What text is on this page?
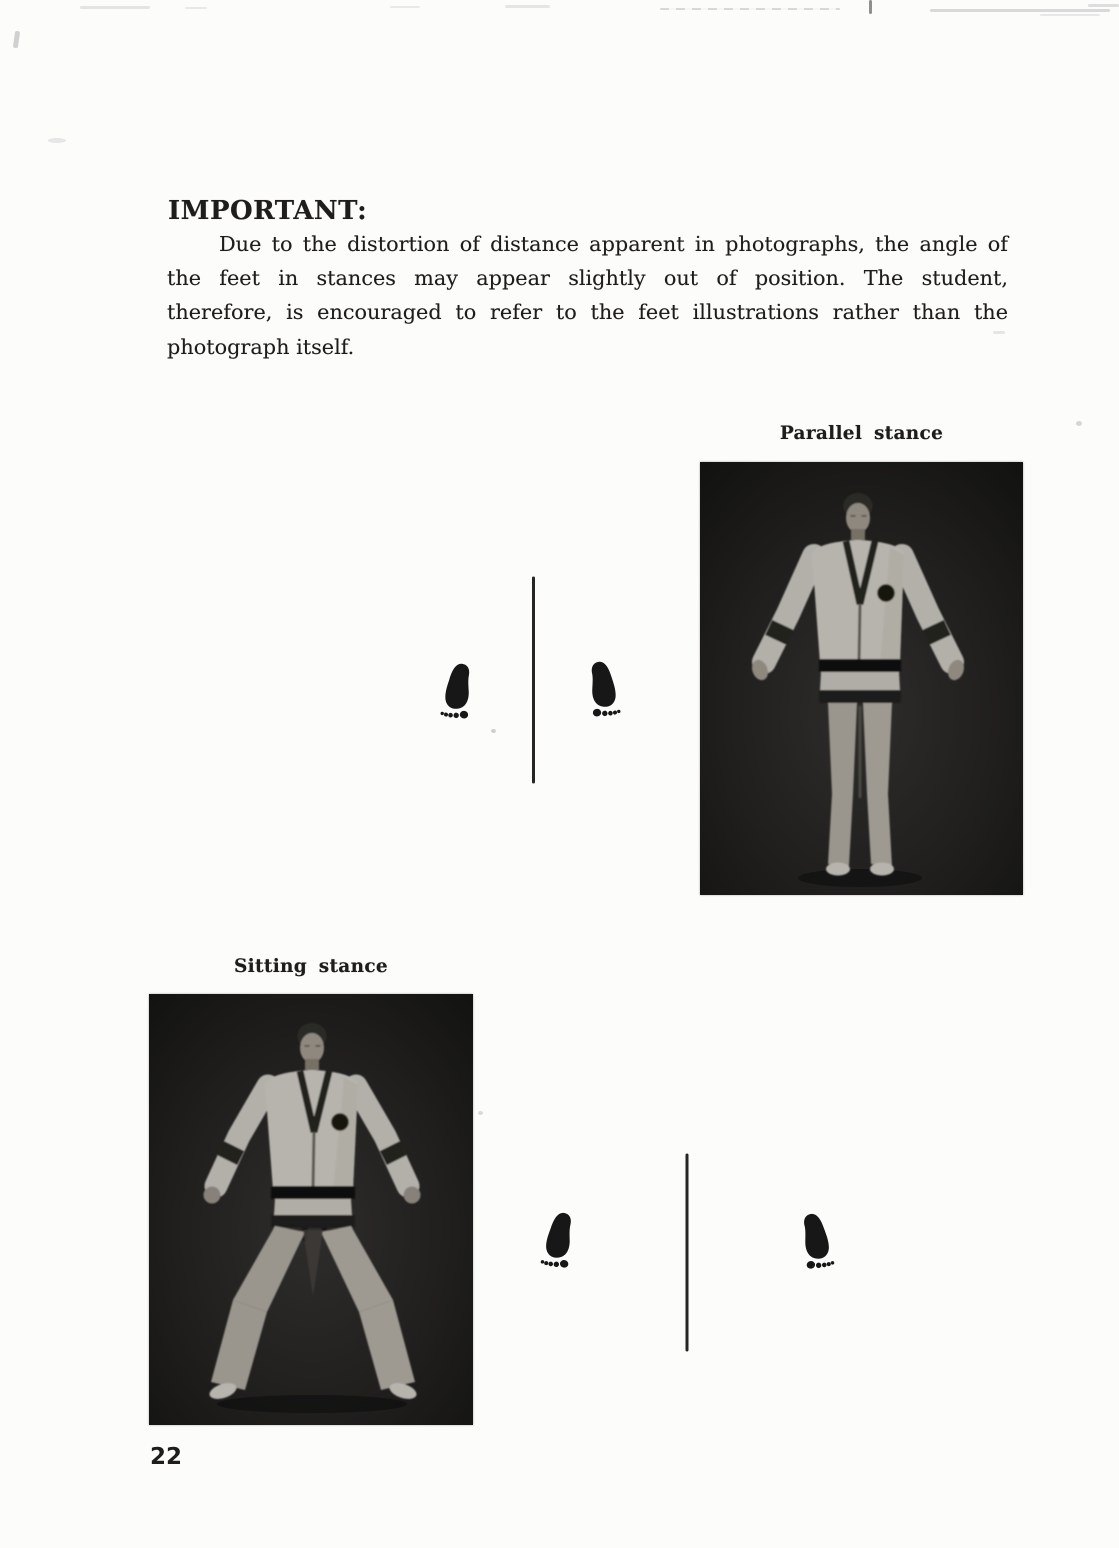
IMPORTANT:
Due to the distortion of distance apparent in photographs, the angle of
the feet in stances may appear slightly out of position. The student,
therefore, is encouraged to refer to the feet illustrations rather than the
photograph itself.
Parallel stance
Sitting stance
22
